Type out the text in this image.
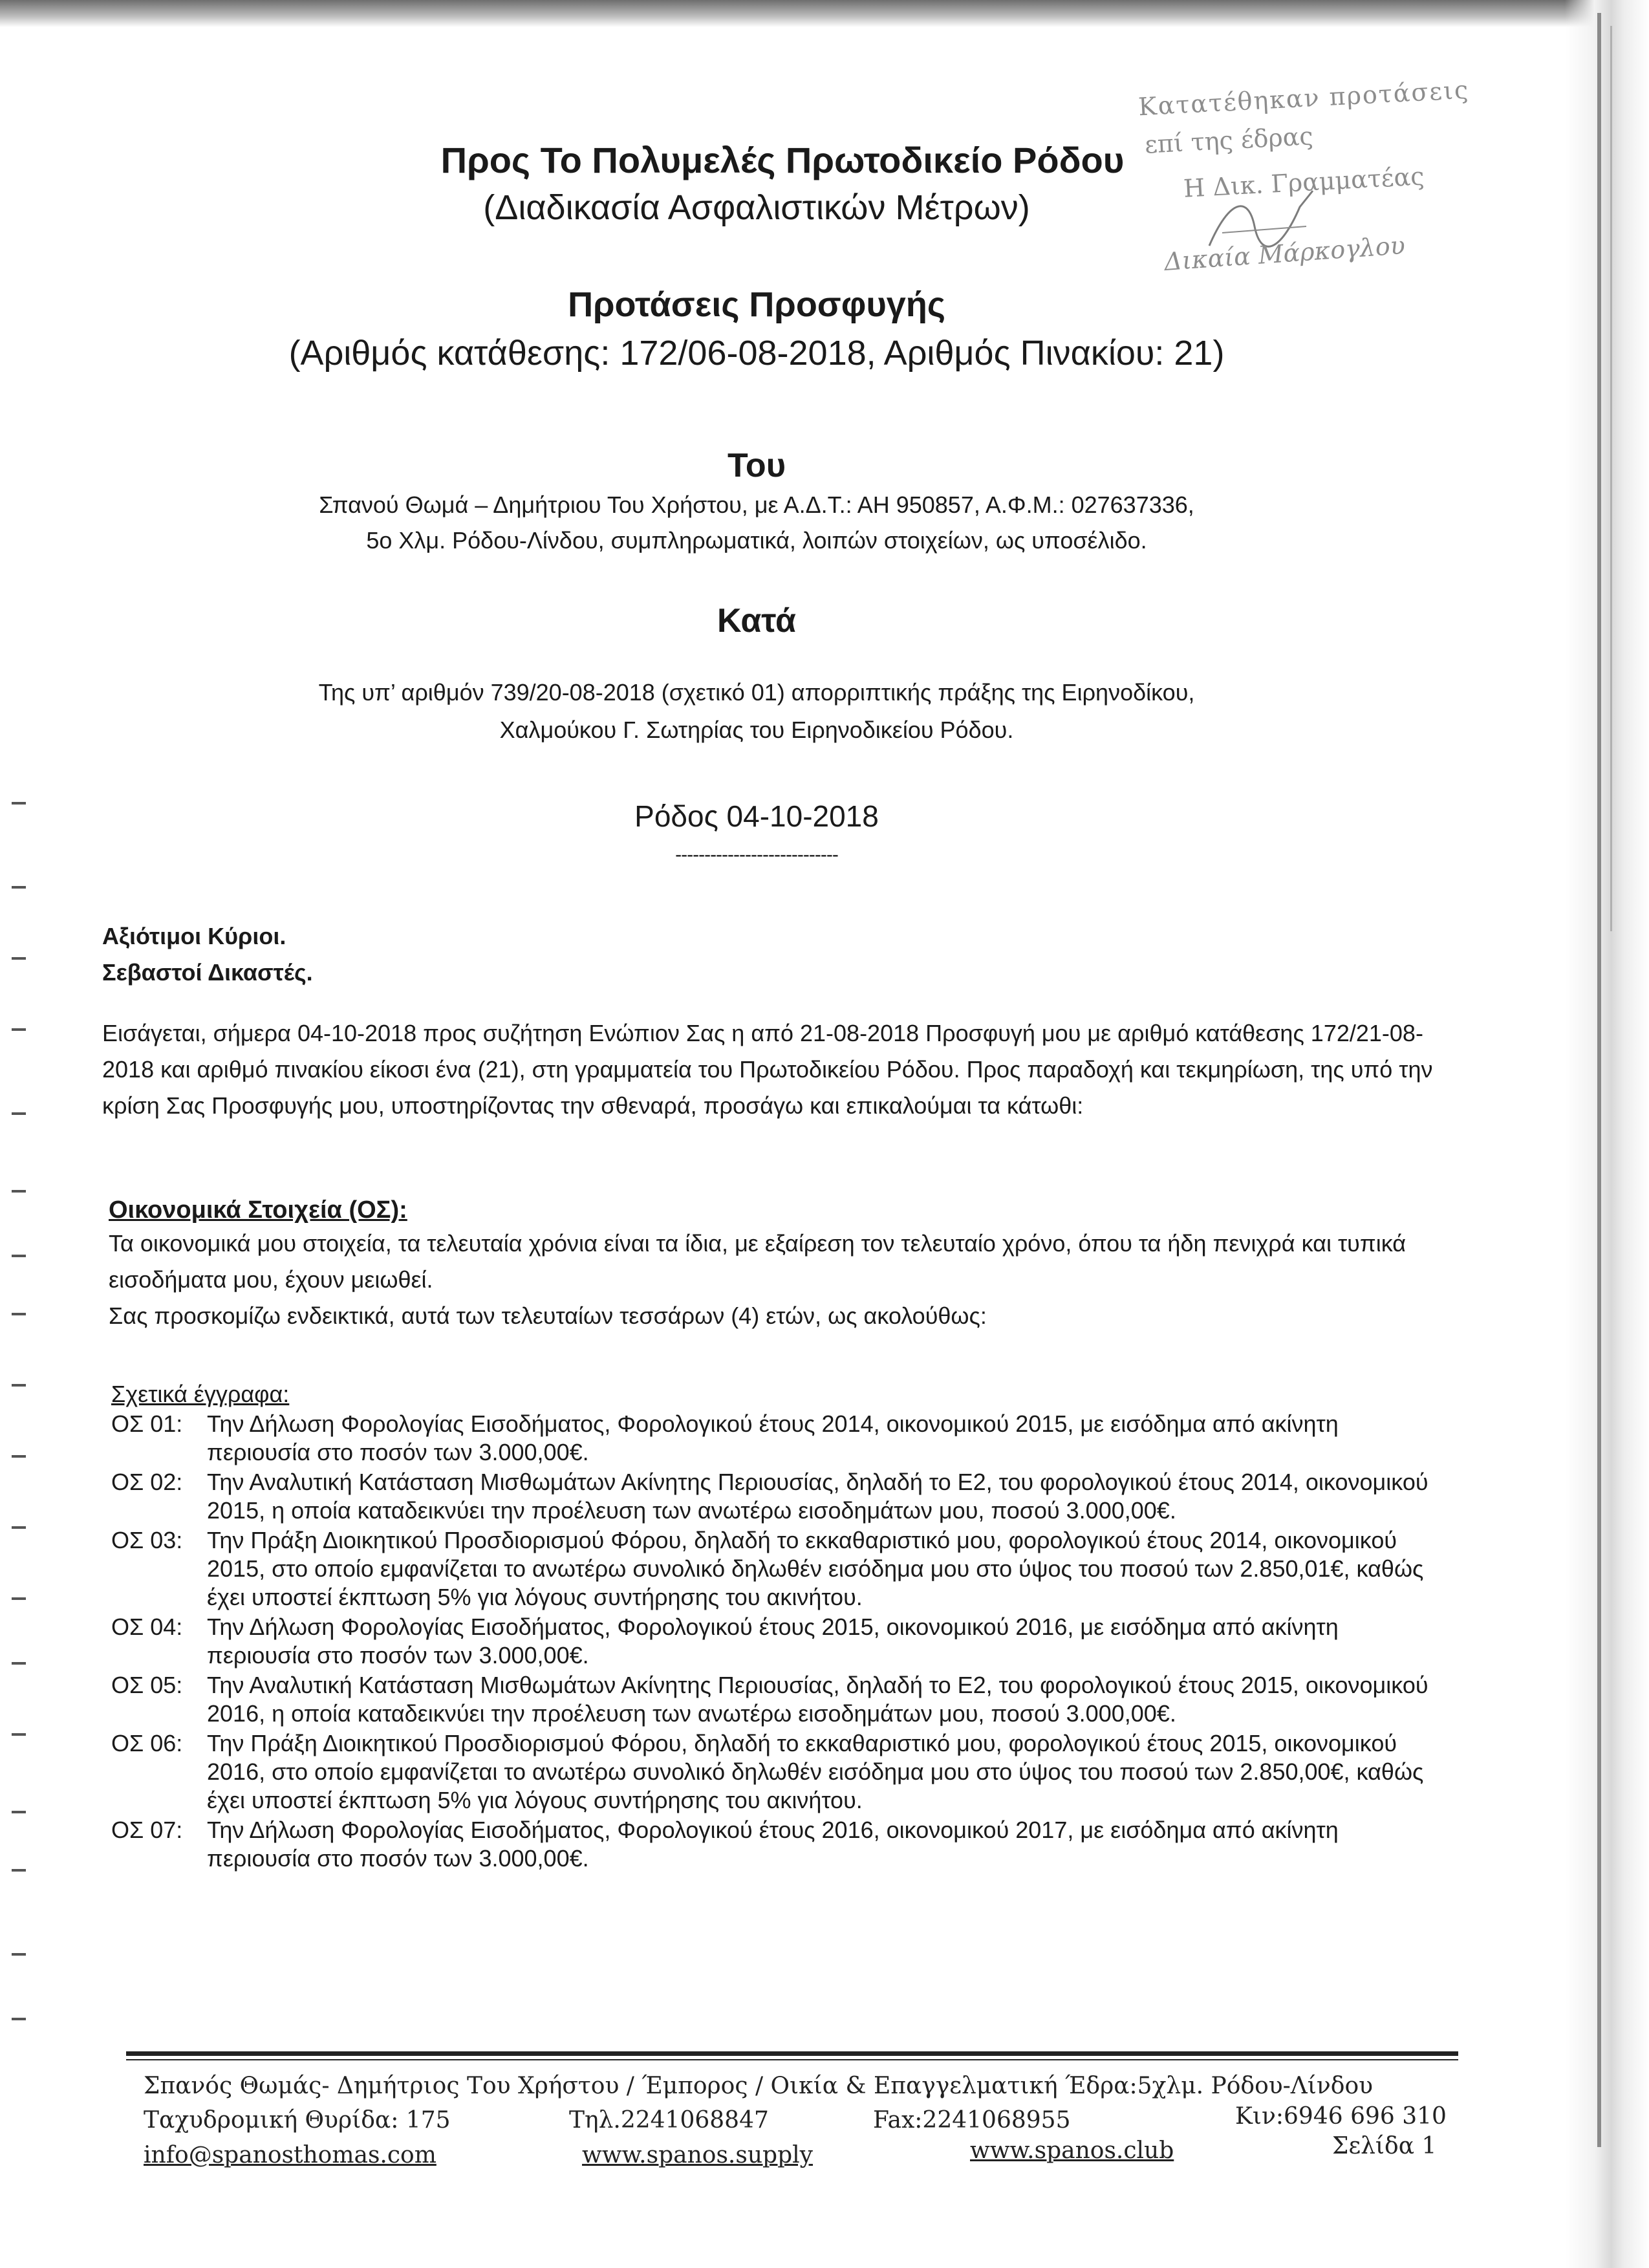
Κατατέθηκαν προτάσεις
επί της έδρας
Η Δικ. Γραμματέας
Δικαία Μάρκογλου
Προς Το Πολυμελές Πρωτοδικείο Ρόδου
(Διαδικασία Ασφαλιστικών Μέτρων)
Προτάσεις Προσφυγής
(Αριθμός κατάθεσης: 172/06-08-2018, Αριθμός Πινακίου: 21)
Του
Σπανού Θωμά – Δημήτριου Του Χρήστου, με Α.Δ.Τ.: ΑΗ 950857, Α.Φ.Μ.: 027637336,
5ο Χλμ. Ρόδου-Λίνδου, συμπληρωματικά, λοιπών στοιχείων, ως υποσέλιδο.
Κατά
Της υπ’ αριθμόν 739/20-08-2018 (σχετικό 01) απορριπτικής πράξης της Ειρηνοδίκου,
Χαλμούκου Γ. Σωτηρίας του Ειρηνοδικείου Ρόδου.
Ρόδος 04-10-2018
----------------------------
Αξιότιμοι Κύριοι.
Σεβαστοί Δικαστές.
Εισάγεται, σήμερα 04-10-2018 προς συζήτηση Ενώπιον Σας η από 21-08-2018 Προσφυγή μου με αριθμό κατάθεσης 172/21-08-2018 και αριθμό πινακίου είκοσι ένα (21), στη γραμματεία του Πρωτοδικείου Ρόδου. Προς παραδοχή και τεκμηρίωση, της υπό την κρίση Σας Προσφυγής μου, υποστηρίζοντας την σθεναρά, προσάγω και επικαλούμαι τα κάτωθι:
Οικονομικά Στοιχεία (ΟΣ):
Τα οικονομικά μου στοιχεία, τα τελευταία χρόνια είναι τα ίδια, με εξαίρεση τον τελευταίο χρόνο, όπου τα ήδη πενιχρά και τυπικά εισοδήματα μου, έχουν μειωθεί.
Σας προσκομίζω ενδεικτικά, αυτά των τελευταίων τεσσάρων (4) ετών, ως ακολούθως:
Σχετικά έγγραφα:
ΟΣ 01:	Την Δήλωση Φορολογίας Εισοδήματος, Φορολογικού έτους 2014, οικονομικού 2015, με εισόδημα από ακίνητη περιουσία στο ποσόν των 3.000,00€.
ΟΣ 02:	Την Αναλυτική Κατάσταση Μισθωμάτων Ακίνητης Περιουσίας, δηλαδή το Ε2, του φορολογικού έτους 2014, οικονομικού 2015, η οποία καταδεικνύει την προέλευση των ανωτέρω εισοδημάτων μου, ποσού 3.000,00€.
ΟΣ 03:	Την Πράξη Διοικητικού Προσδιορισμού Φόρου, δηλαδή το εκκαθαριστικό μου, φορολογικού έτους 2014, οικονομικού 2015, στο οποίο εμφανίζεται το ανωτέρω συνολικό δηλωθέν εισόδημα μου στο ύψος του ποσού των 2.850,01€, καθώς έχει υποστεί έκπτωση 5% για λόγους συντήρησης του ακινήτου.
ΟΣ 04:	Την Δήλωση Φορολογίας Εισοδήματος, Φορολογικού έτους 2015, οικονομικού 2016, με εισόδημα από ακίνητη περιουσία στο ποσόν των 3.000,00€.
ΟΣ 05:	Την Αναλυτική Κατάσταση Μισθωμάτων Ακίνητης Περιουσίας, δηλαδή το Ε2, του φορολογικού έτους 2015, οικονομικού 2016, η οποία καταδεικνύει την προέλευση των ανωτέρω εισοδημάτων μου, ποσού 3.000,00€.
ΟΣ 06:	Την Πράξη Διοικητικού Προσδιορισμού Φόρου, δηλαδή το εκκαθαριστικό μου, φορολογικού έτους 2015, οικονομικού 2016, στο οποίο εμφανίζεται το ανωτέρω συνολικό δηλωθέν εισόδημα μου στο ύψος του ποσού των 2.850,00€, καθώς έχει υποστεί έκπτωση 5% για λόγους συντήρησης του ακινήτου.
ΟΣ 07:	Την Δήλωση Φορολογίας Εισοδήματος, Φορολογικού έτους 2016, οικονομικού 2017, με εισόδημα από ακίνητη περιουσία στο ποσόν των 3.000,00€.
Σπανός Θωμάς- Δημήτριος Του Χρήστου / Έμπορος / Οικία & Επαγγελματική Έδρα:5χλμ. Ρόδου-Λίνδου
Ταχυδρομική Θυρίδα: 175	Τηλ.2241068847	Fax:2241068955	Κιν:6946 696 310
info@spanosthomas.com	www.spanos.supply	www.spanos.club	Σελίδα 1
